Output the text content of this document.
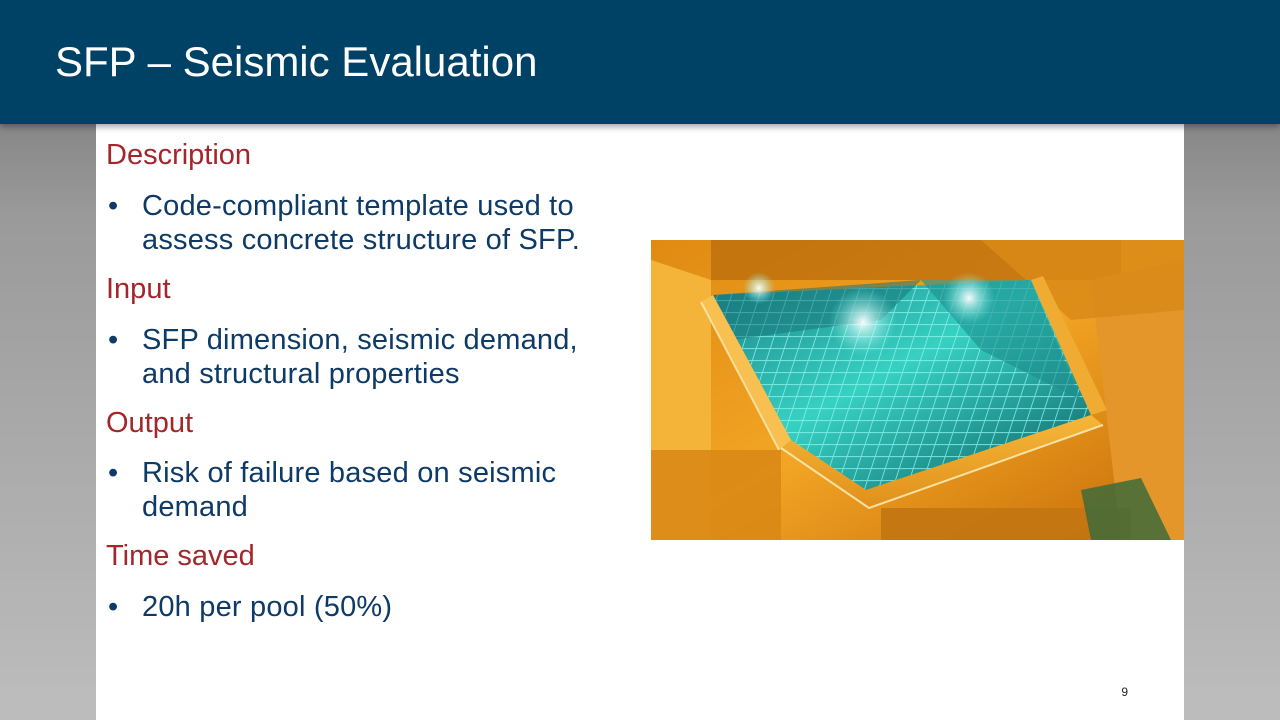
SFP – Seismic Evaluation

Description

• Code-compliant template used to
assess concrete structure of SFP.

Input

• SFP dimension, seismic demand,
and structural properties

Output

• Risk of failure based on seismic
demand

Time saved

• 20h per pool (50%)
9
